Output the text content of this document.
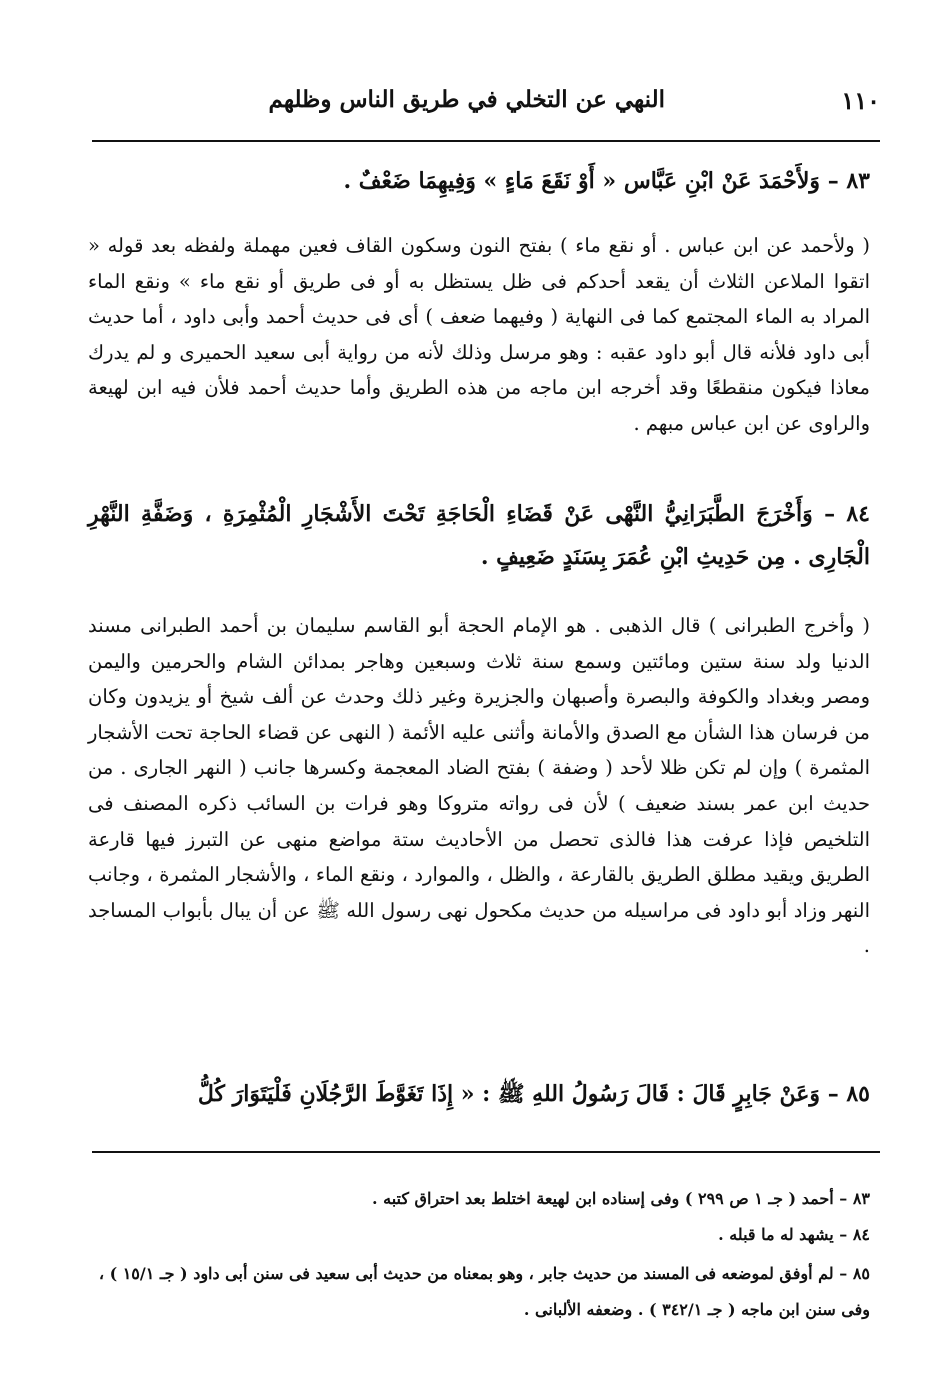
١١٠
النهي عن التخلي في طريق الناس وظلهم

٨٣ – وَلأَحْمَدَ عَنْ ابْنِ عَبَّاس « أَوْ نَقَعَ مَاءٍ » وَفِيهِمَا ضَعْفٌ .

( ولأحمد عن ابن عباس . أو نقع ماء ) بفتح النون وسكون القاف فعين مهملة ولفظه بعد قوله « اتقوا الملاعن الثلاث أن يقعد أحدكم فى ظل يستظل به أو فى طريق أو نقع ماء » ونقع الماء المراد به الماء المجتمع كما فى النهاية ( وفيهما ضعف ) أى فى حديث أحمد وأبى داود ، أما حديث أبى داود فلأنه قال أبو داود عقبه : وهو مرسل وذلك لأنه من رواية أبى سعيد الحميرى و لم يدرك معاذا فيكون منقطعًا وقد أخرجه ابن ماجه من هذه الطريق وأما حديث أحمد فلأن فيه ابن لهيعة والراوى عن ابن عباس مبهم .

٨٤ – وَأَخْرَجَ الطَّبَرَانِيُّ النَّهْى عَنْ قَضَاءِ الْحَاجَةِ تَحْتَ الأَشْجَارِ الْمُثْمِرَةِ ، وَضَفَّةِ النَّهْرِ الْجَارِى . مِن حَدِيثِ ابْنِ عُمَرَ بِسَنَدٍ ضَعِيفٍ .

( وأخرج الطبرانى ) قال الذهبى . هو الإمام الحجة أبو القاسم سليمان بن أحمد الطبرانى مسند الدنيا ولد سنة ستين ومائتين وسمع سنة ثلاث وسبعين وهاجر بمدائن الشام والحرمين واليمن ومصر وبغداد والكوفة والبصرة وأصبهان والجزيرة وغير ذلك وحدث عن ألف شيخ أو يزيدون وكان من فرسان هذا الشأن مع الصدق والأمانة وأثنى عليه الأئمة ( النهى عن قضاء الحاجة تحت الأشجار المثمرة ) وإن لم تكن ظلا لأحد ( وضفة ) بفتح الضاد المعجمة وكسرها جانب ( النهر الجارى . من حديث ابن عمر بسند ضعيف ) لأن فى رواته متروكا وهو فرات بن السائب ذكره المصنف فى التلخيص فإذا عرفت هذا فالذى تحصل من الأحاديث ستة مواضع منهى عن التبرز فيها قارعة الطريق ويقيد مطلق الطريق بالقارعة ، والظل ، والموارد ، ونقع الماء ، والأشجار المثمرة ، وجانب النهر وزاد أبو داود فى مراسيله من حديث مكحول نهى رسول الله ﷺ عن أن يبال بأبواب المساجد .

٨٥ – وَعَنْ جَابِرٍ قَالَ : قَالَ رَسُولُ اللهِ ﷺ : « إِذَا تَغَوَّطَ الرَّجُلَانِ فَلْيَتَوَارَ كُلُّ

٨٣ – أحمد ( جـ ١ ص ٢٩٩ ) وفى إسناده ابن لهيعة اختلط بعد احتراق كتبه .

٨٤ – يشهد له ما قبله .

٨٥ – لم أوفق لموضعه فى المسند من حديث جابر ، وهو بمعناه من حديث أبى سعيد فى سنن أبى داود ( جـ ١٥/١ ) ، وفى سنن ابن ماجه ( جـ ٣٤٢/١ ) . وضعفه الألبانى .
